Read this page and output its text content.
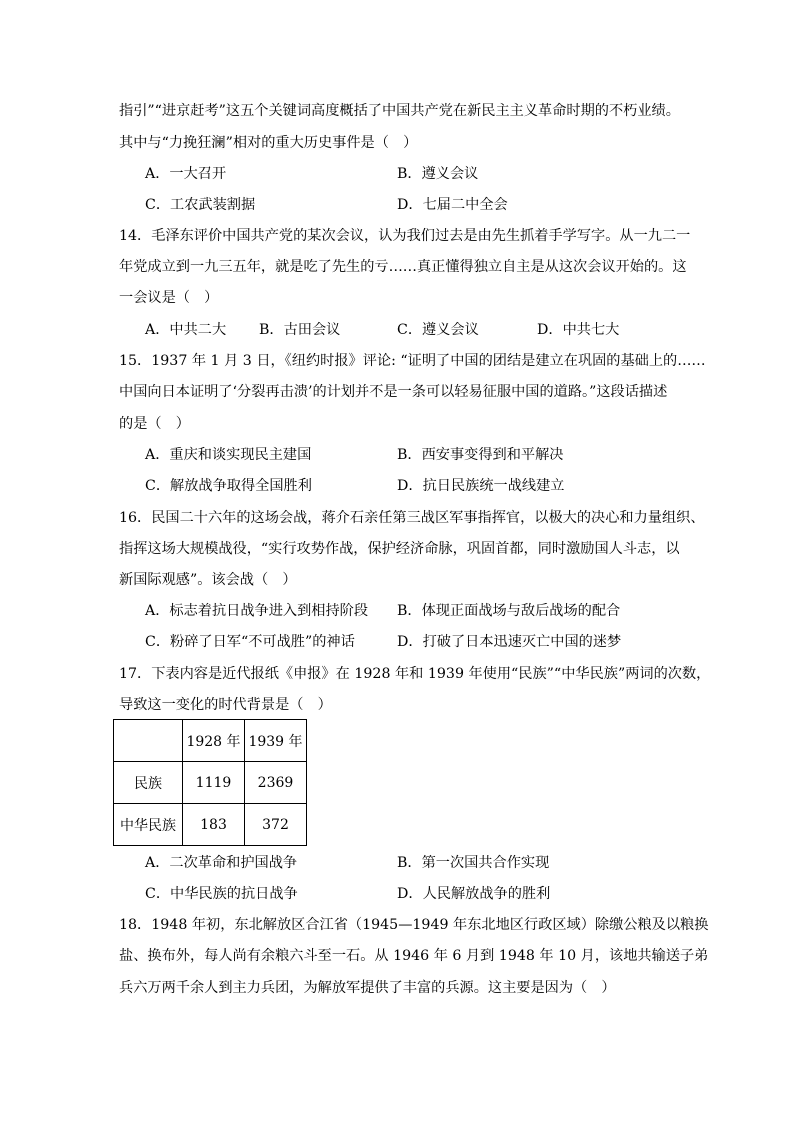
指引”“进京赶考”这五个关键词高度概括了中国共产党在新民主主义革命时期的不朽业绩。
其中与“力挽狂澜”相对的重大历史事件是（　）
A．一大召开	B．遵义会议
C．工农武装割据	D．七届二中全会
14．毛泽东评价中国共产党的某次会议，认为我们过去是由先生抓着手学写字。从一九二一
年党成立到一九三五年，就是吃了先生的亏……真正懂得独立自主是从这次会议开始的。这
一会议是（　）
A．中共二大 B．古田会议	C．遵义会议	D．中共七大
15．1937 年 1 月 3 日，《纽约时报》评论: “证明了中国的团结是建立在巩固的基础上的……
中国向日本证明了‘分裂再击溃’的计划并不是一条可以轻易征服中国的道路。”这段话描述
的是（　）
A．重庆和谈实现民主建国	B．西安事变得到和平解决
C．解放战争取得全国胜利	D．抗日民族统一战线建立
16．民国二十六年的这场会战，蒋介石亲任第三战区军事指挥官，以极大的决心和力量组织、
指挥这场大规模战役，“实行攻势作战，保护经济命脉，巩固首都，同时激励国人斗志，以
新国际观感”。该会战（　）
A．标志着抗日战争进入到相持阶段 B．体现正面战场与敌后战场的配合
C．粉碎了日军“不可战胜”的神话	D．打破了日本迅速灭亡中国的迷梦
17．下表内容是近代报纸《申报》在 1928 年和 1939 年使用“民族”“中华民族”两词的次数，
导致这一变化的时代背景是（　）
	1928 年	1939 年
民族	1119	2369
中华民族	183	372
A．二次革命和护国战争	B．第一次国共合作实现
C．中华民族的抗日战争	D．人民解放战争的胜利
18．1948 年初，东北解放区合江省（1945—1949 年东北地区行政区域）除缴公粮及以粮换
盐、换布外，每人尚有余粮六斗至一石。从 1946 年 6 月到 1948 年 10 月，该地共输送子弟
兵六万两千余人到主力兵团，为解放军提供了丰富的兵源。这主要是因为（　）
